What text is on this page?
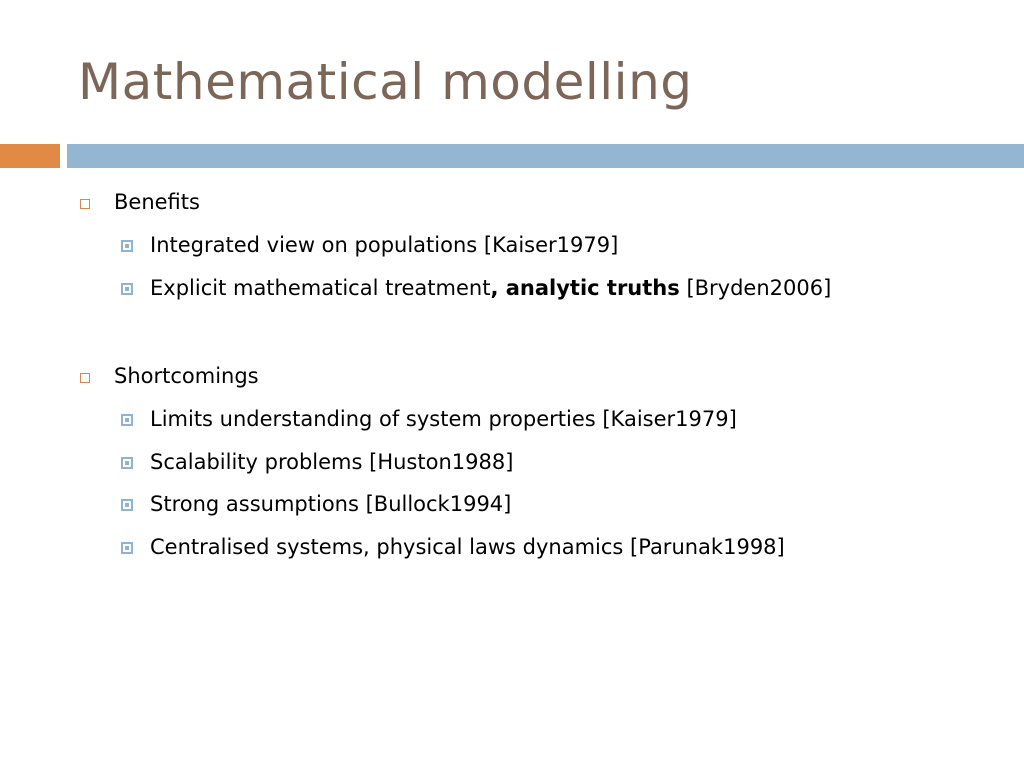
Mathematical modelling
Benefits
Integrated view on populations [Kaiser1979]
Explicit mathematical treatment, analytic truths [Bryden2006]
Shortcomings
Limits understanding of system properties [Kaiser1979]
Scalability problems [Huston1988]
Strong assumptions [Bullock1994]
Centralised systems, physical laws dynamics [Parunak1998]
